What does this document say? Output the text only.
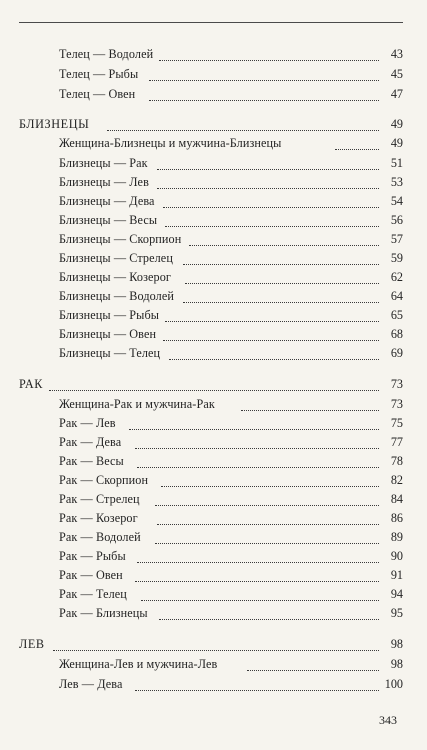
Телец — Водолей	43
Телец — Рыбы	45
Телец — Овен	47
БЛИЗНЕЦЫ	49
Женщина-Близнецы и мужчина-Близнецы	49
Близнецы — Рак	51
Близнецы — Лев	53
Близнецы — Дева	54
Близнецы — Весы	56
Близнецы — Скорпион	57
Близнецы — Стрелец	59
Близнецы — Козерог	62
Близнецы — Водолей	64
Близнецы — Рыбы	65
Близнецы — Овен	68
Близнецы — Телец	69
РАК	73
Женщина-Рак и мужчина-Рак	73
Рак — Лев	75
Рак — Дева	77
Рак — Весы	78
Рак — Скорпион	82
Рак — Стрелец	84
Рак — Козерог	86
Рак — Водолей	89
Рак — Рыбы	90
Рак — Овен	91
Рак — Телец	94
Рак — Близнецы	95
ЛЕВ	98
Женщина-Лев и мужчина-Лев	98
Лев — Дева	100
343
